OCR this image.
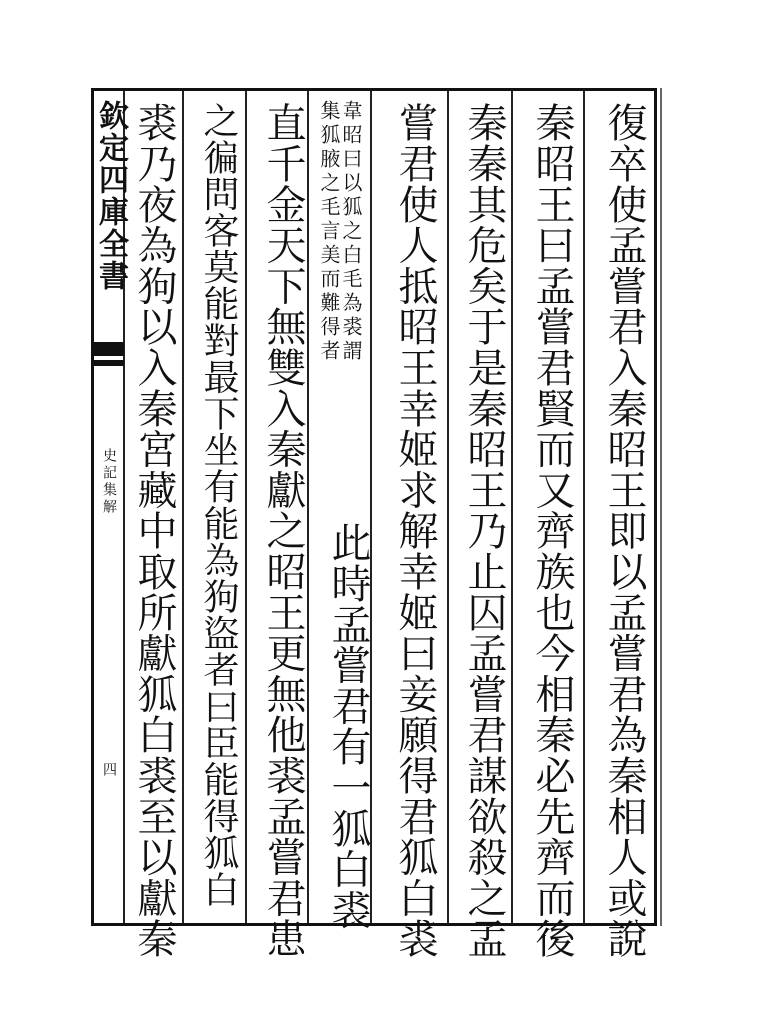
欽定四庫全書
史記集解
四	復卒使孟嘗君入秦昭王即以孟嘗君為秦相人或說
秦昭王曰孟嘗君賢而又齊族也今相秦必先齊而後
秦秦其危矣于是秦昭王乃止囚孟嘗君謀欲殺之孟
嘗君使人抵昭王幸姬求解幸姬曰妾願得君狐白裘
韋昭曰以狐之白毛為裘謂
集狐腋之毛言美而難得者
此時孟嘗君有一狐白裘
直千金天下無雙入秦獻之昭王更無他裘孟嘗君患
之徧問客莫能對最下坐有能為狗盜者曰臣能得狐白
裘乃夜為狗以入秦宮藏中取所獻狐白裘至以獻秦
